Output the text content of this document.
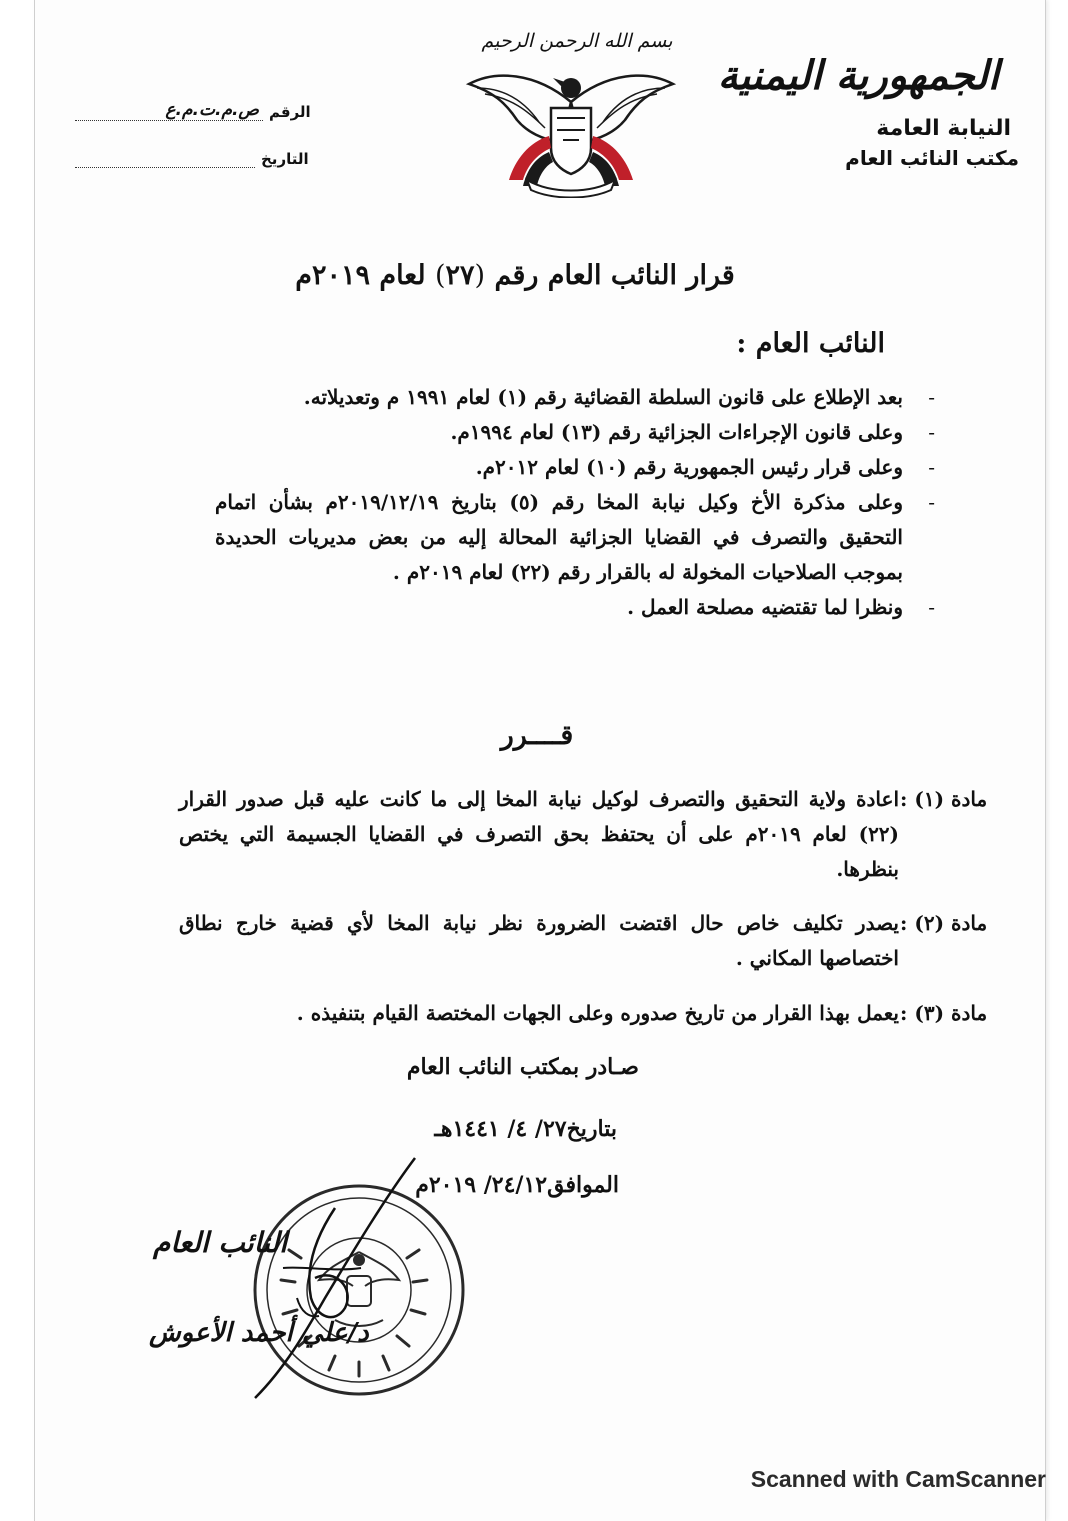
الجمهورية اليمنية
النيابة العامة
مكتب النائب العام
بسم الله الرحمن الرحيم
الرقم
ص.م.ت.م.ع
التاريخ
قرار النائب العام رقم (٢٧) لعام ٢٠١٩م
النائب العام :
-
بعد الإطلاع على قانون السلطة القضائية رقم (١) لعام ١٩٩١ م وتعديلاته.
-
وعلى قانون الإجراءات الجزائية رقم (١٣) لعام ١٩٩٤م.
-
وعلى قرار رئيس الجمهورية رقم (١٠) لعام ٢٠١٢م.
-
وعلى مذكرة الأخ وكيل نيابة المخا رقم (٥) بتاريخ ٢٠١٩/١٢/١٩م بشأن اتمام التحقيق والتصرف في القضايا الجزائية المحالة إليه من بعض مديريات الحديدة بموجب الصلاحيات المخولة له بالقرار رقم (٢٢) لعام ٢٠١٩م .
-
ونظرا لما تقتضيه مصلحة العمل .
قــــرر
مادة (١) :
اعادة ولاية التحقيق والتصرف لوكيل نيابة المخا إلى ما كانت عليه قبل صدور القرار (٢٢) لعام ٢٠١٩م على أن يحتفظ بحق التصرف في القضايا الجسيمة التي يختص بنظرها.
مادة (٢) :
يصدر تكليف خاص حال اقتضت الضرورة نظر نيابة المخا لأي قضية خارج نطاق اختصاصها المكاني .
مادة (٣) :
يعمل بهذا القرار من تاريخ صدوره وعلى الجهات المختصة القيام بتنفيذه .
صـادر بمكتب النائب العام
بتاريخ٢٧/ ٤/ ١٤٤١هـ
الموافق٢٤/١٢/ ٢٠١٩م
النائب العام
د/علي أحمد الأعوش
Scanned with CamScanner
